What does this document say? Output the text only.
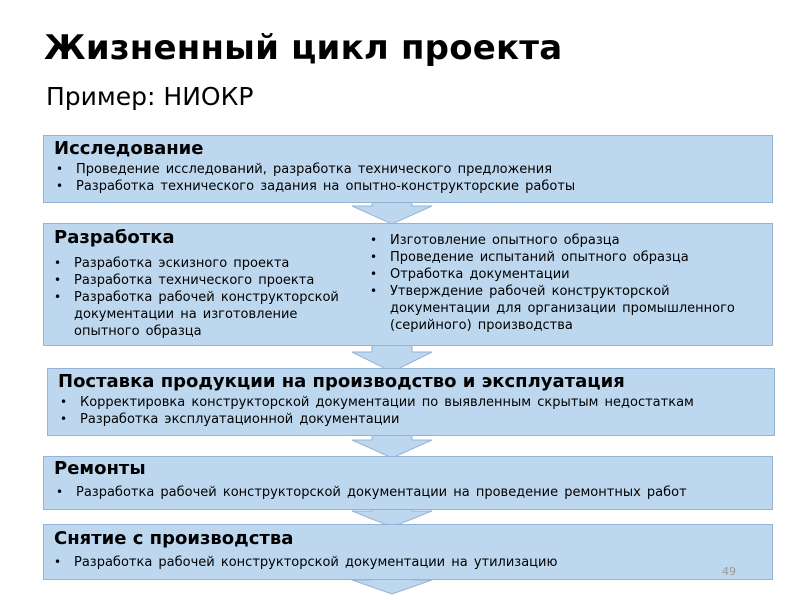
Жизненный цикл проекта
Пример: НИОКР
Исследование
• Проведение исследований, разработка технического предложения
• Разработка технического задания на опытно-конструкторские работы
Разработка
• Разработка эскизного проекта
• Разработка технического проекта
• Разработка рабочей конструкторской документации на изготовление опытного образца
• Изготовление опытного образца
• Проведение испытаний опытного образца
• Отработка документации
• Утверждение рабочей конструкторской документации для организации промышленного (серийного) производства
Поставка продукции на производство и эксплуатация
• Корректировка конструкторской документации по выявленным скрытым недостаткам
• Разработка эксплуатационной документации
Ремонты
• Разработка рабочей конструкторской документации на проведение ремонтных работ
Снятие с производства
• Разработка рабочей конструкторской документации на утилизацию
49
